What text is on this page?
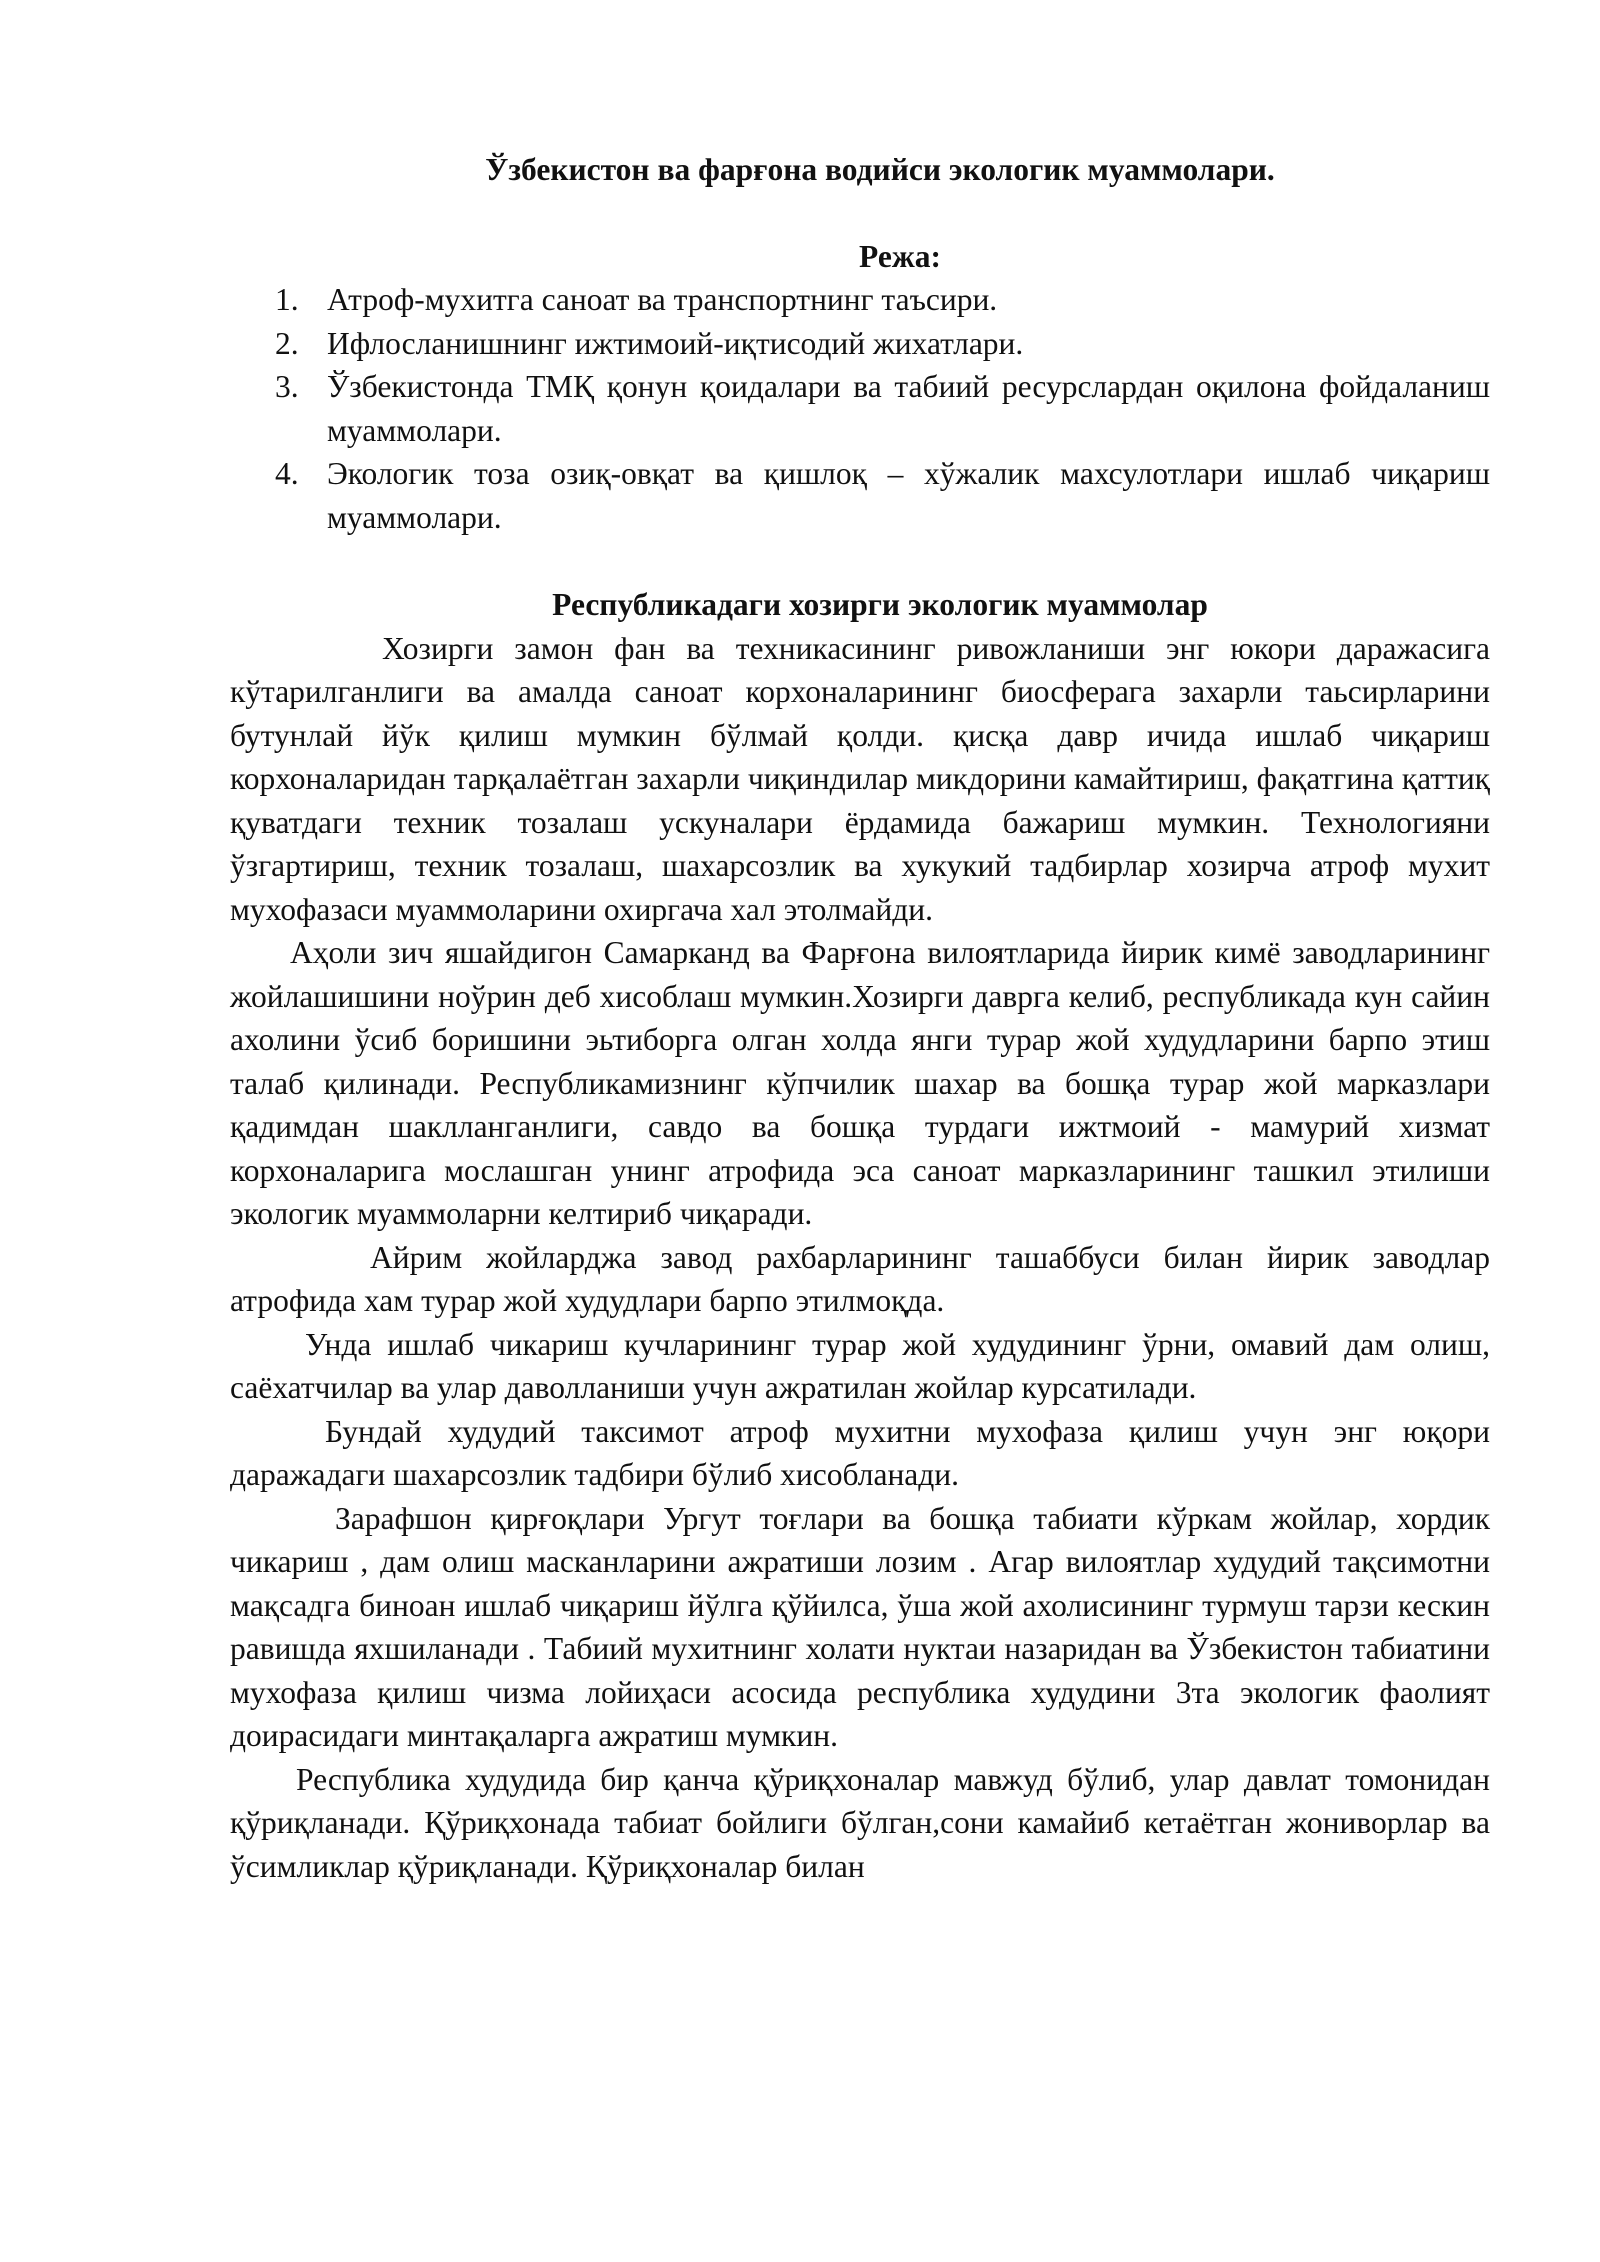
Ўзбекистон ва фарғона водийси экологик муаммолари.

Режа:

1. Атроф-мухитга саноат ва транспортнинг таъсири.
2. Ифлосланишнинг ижтимоий-иқтисодий жихатлари.
3. Ўзбекистонда ТМҚ қонун қоидалари ва табиий ресурслардан оқилона фойдаланиш муаммолари.
4. Экологик тоза озиқ-овқат ва қишлоқ – хўжалик махсулотлари ишлаб чиқариш муаммолари.

Республикадаги хозирги экологик муаммолар

Хозирги замон фан ва техникасининг ривожланиши энг юкори даражасига кўтарилганлиги ва амалда саноат корхоналарининг биосферага захарли таьсирларини бутунлай йўк қилиш мумкин бўлмай қолди. қисқа давр ичида ишлаб чиқариш корхоналаридан тарқалаётган захарли чиқиндилар микдорини камайтириш, фақатгина қаттиқ қуватдаги техник тозалаш ускуналари ёрдамида бажариш мумкин. Технологияни ўзгартириш, техник тозалаш, шахарсозлик ва хукукий тадбирлар хозирча атроф мухит мухофазаси муаммоларини охиргача хал этолмайди.

Аҳоли зич яшайдигон Самарканд ва Фарғона вилоятларида йирик кимё заводларининг жойлашишини ноўрин деб хисоблаш мумкин.Хозирги даврга келиб, республикада кун сайин ахолини ўсиб боришини эьтиборга олган холда янги турар жой худудларини барпо этиш талаб қилинади. Республикамизнинг кўпчилик шахар ва бошқа турар жой марказлари қадимдан шаклланганлиги, савдо ва бошқа турдаги ижтмоий - мамурий хизмат корхоналарига мослашган унинг атрофида эса саноат марказларининг ташкил этилиши экологик муаммоларни келтириб чиқаради.

Айрим жойларджа завод рахбарларининг ташаббуси билан йирик заводлар атрофида хам турар жой худудлари барпо этилмоқда.

Унда ишлаб чикариш кучларининг турар жой худудининг ўрни, омавий дам олиш, саёхатчилар ва улар даволланиши учун ажратилан жойлар курсатилади.

Бундай худудий таксимот атроф мухитни мухофаза қилиш учун энг юқори даражадаги шахарсозлик тадбири бўлиб хисобланади.

Зарафшон қирғоқлари Ургут тоғлари ва бошқа табиати кўркам жойлар, хордик чикариш , дам олиш масканларини ажратиши лозим . Агар вилоятлар худудий тақсимотни мақсадга биноан ишлаб чиқариш йўлга қўйилса, ўша жой ахолисининг турмуш тарзи кескин равишда яхшиланади . Табиий мухитнинг холати нуктаи назаридан ва Ўзбекистон табиатини мухофаза қилиш чизма лойиҳаси асосида республика худудини 3та экологик фаолият доирасидаги минтақаларга ажратиш мумкин.

Республика худудида бир қанча қўриқхоналар мавжуд бўлиб, улар давлат томонидан қўриқланади. Қўриқхонада табиат бойлиги бўлган,сони камайиб кетаётган жониворлар ва ўсимликлар қўриқланади. Қўриқхоналар билан
